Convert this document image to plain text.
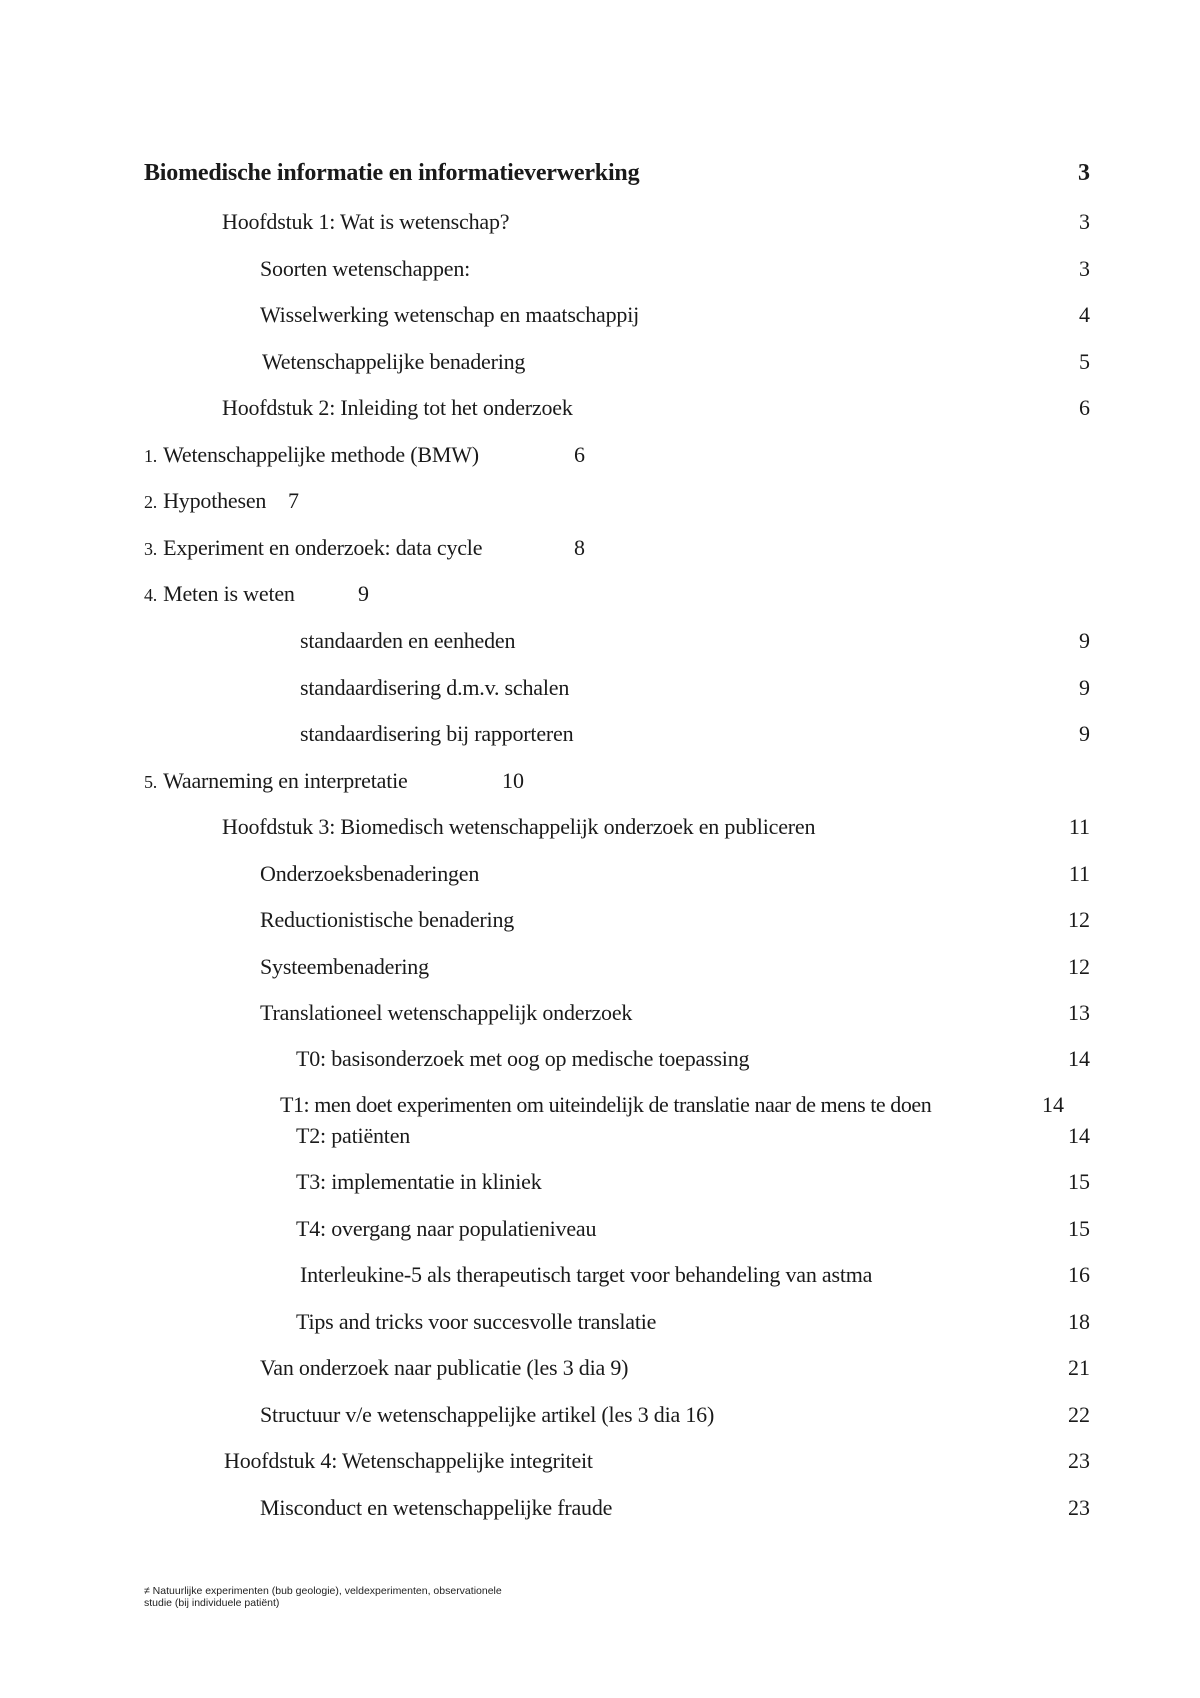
Biomedische informatie en informatieverwerking	3
Hoofdstuk 1: Wat is wetenschap?	3
Soorten wetenschappen:	3
Wisselwerking wetenschap en maatschappij	4
Wetenschappelijke benadering	5
Hoofdstuk 2: Inleiding tot het onderzoek	6
1. Wetenschappelijke methode (BMW)	6
2. Hypothesen 7
3. Experiment en onderzoek: data cycle	8
4. Meten is weten	9
standaarden en eenheden	9
standaardisering d.m.v. schalen	9
standaardisering bij rapporteren	9
5. Waarneming en interpretatie	10
Hoofdstuk 3: Biomedisch wetenschappelijk onderzoek en publiceren	11
Onderzoeksbenaderingen	11
Reductionistische benadering	12
Systeembenadering	12
Translationeel wetenschappelijk onderzoek	13
T0: basisonderzoek met oog op medische toepassing	14
T1: men doet experimenten om uiteindelijk de translatie naar de mens te doen	14
T2: patiënten	14
T3: implementatie in kliniek	15
T4: overgang naar populatieniveau	15
Interleukine-5 als therapeutisch target voor behandeling van astma	16
Tips and tricks voor succesvolle translatie	18
Van onderzoek naar publicatie (les 3 dia 9)	21
Structuur v/e wetenschappelijke artikel (les 3 dia 16)	22
Hoofdstuk 4: Wetenschappelijke integriteit	23
Misconduct en wetenschappelijke fraude	23
≠ Natuurlijke experimenten (bub geologie), veldexperimenten, observationele
studie (bij individuele patiënt)
